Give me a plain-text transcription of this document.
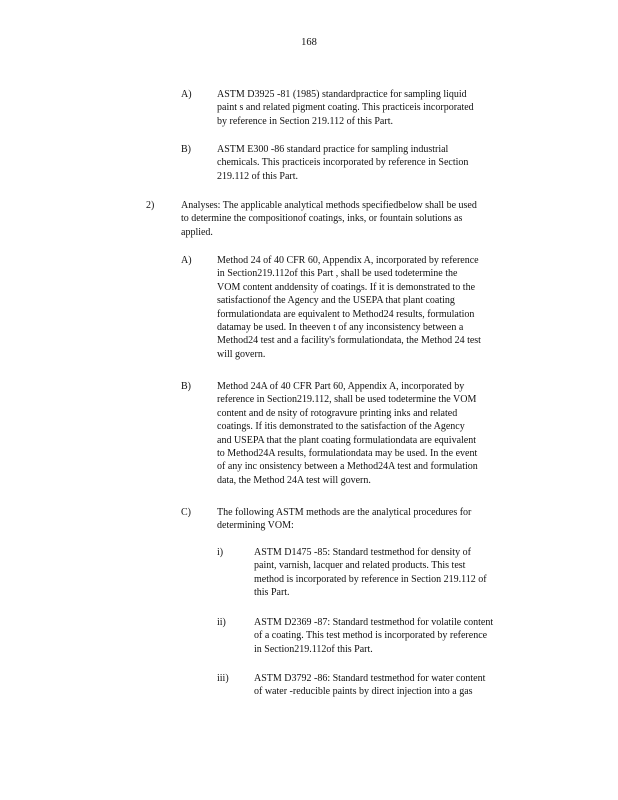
168
A)	ASTM D3925 -81 (1985) standardpractice for sampling liquid
paint s and related pigment coating. This practiceis incorporated
by reference in Section 219.112 of this Part.
B)	ASTM E300 -86 standard practice for sampling industrial
chemicals. This practiceis incorporated by reference in Section
219.112 of this Part.
2)	Analyses: The applicable analytical methods specifiedbelow shall be used
to determine the compositionof coatings, inks, or fountain solutions as
applied.
A)	Method 24 of 40 CFR 60, Appendix A, incorporated by reference
in Section219.112of this Part , shall be used todetermine the
VOM content anddensity of coatings. If it is demonstrated to the
satisfactionof the Agency and the USEPA that plant coating
formulationdata are equivalent to Method24 results, formulation
datamay be used. In theeven t of any inconsistency between a
Method24 test and a facility's formulationdata, the Method 24 test
will govern.
B)	Method 24A of 40 CFR Part 60, Appendix A, incorporated by
reference in Section219.112, shall be used todetermine the VOM
content and de nsity of rotogravure printing inks and related
coatings. If itis demonstrated to the satisfaction of the Agency
and USEPA that the plant coating formulationdata are equivalent
to Method24A results, formulationdata may be used. In the event
of any inc onsistency between a Method24A test and formulation
data, the Method 24A test will govern.
C)	The following ASTM methods are the analytical procedures for
determining VOM:
i)	ASTM D1475 -85: Standard testmethod for density of
paint, varnish, lacquer and related products. This test
method is incorporated by reference in Section 219.112 of
this Part.
ii)	ASTM D2369 -87: Standard testmethod for volatile content
of a coating. This test method is incorporated by reference
in Section219.112of this Part.
iii)	ASTM D3792 -86: Standard testmethod for water content
of water -reducible paints by direct injection into a gas
